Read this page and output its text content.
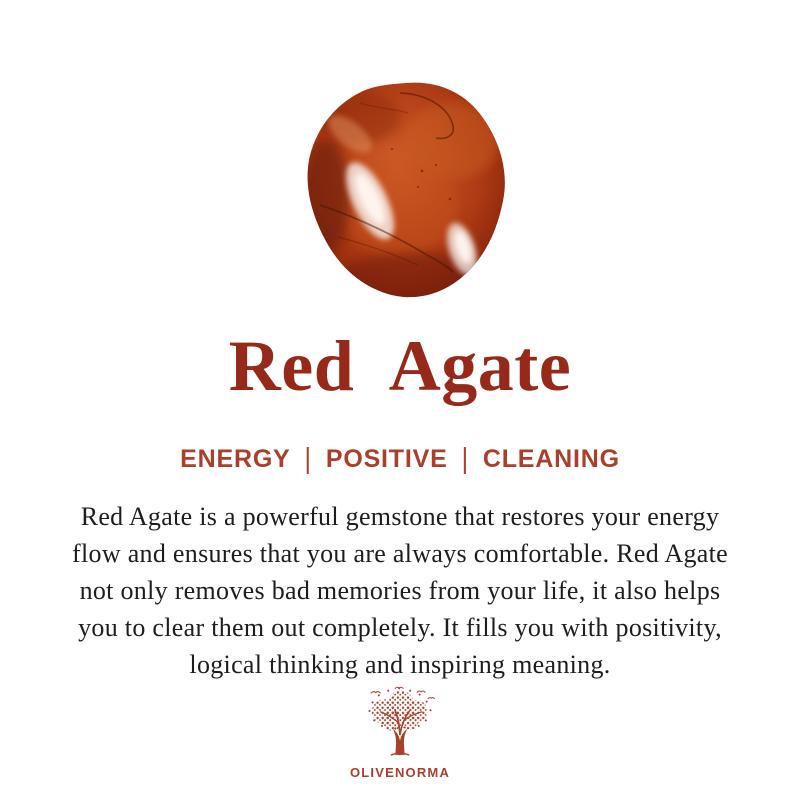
Red Agate
ENERGY | POSITIVE | CLEANING
Red Agate is a powerful gemstone that restores your energy
flow and ensures that you are always comfortable. Red Agate
not only removes bad memories from your life, it also helps
you to clear them out completely. It fills you with positivity,
logical thinking and inspiring meaning.
OLIVENORMA
